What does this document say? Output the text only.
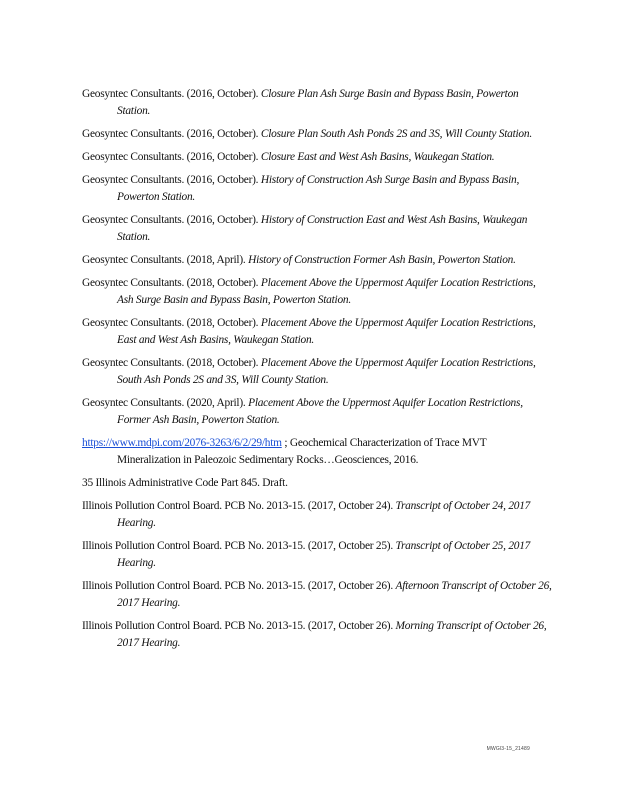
Geosyntec Consultants. (2016, October). Closure Plan Ash Surge Basin and Bypass Basin, Powerton Station.

Geosyntec Consultants. (2016, October). Closure Plan South Ash Ponds 2S and 3S, Will County Station.

Geosyntec Consultants. (2016, October). Closure East and West Ash Basins, Waukegan Station.

Geosyntec Consultants. (2016, October). History of Construction Ash Surge Basin and Bypass Basin, Powerton Station.

Geosyntec Consultants. (2016, October). History of Construction East and West Ash Basins, Waukegan Station.

Geosyntec Consultants. (2018, April). History of Construction Former Ash Basin, Powerton Station.

Geosyntec Consultants. (2018, October). Placement Above the Uppermost Aquifer Location Restrictions, Ash Surge Basin and Bypass Basin, Powerton Station.

Geosyntec Consultants. (2018, October). Placement Above the Uppermost Aquifer Location Restrictions, East and West Ash Basins, Waukegan Station.

Geosyntec Consultants. (2018, October). Placement Above the Uppermost Aquifer Location Restrictions, South Ash Ponds 2S and 3S, Will County Station.

Geosyntec Consultants. (2020, April). Placement Above the Uppermost Aquifer Location Restrictions, Former Ash Basin, Powerton Station.

https://www.mdpi.com/2076-3263/6/2/29/htm ; Geochemical Characterization of Trace MVT Mineralization in Paleozoic Sedimentary Rocks…Geosciences, 2016.

35 Illinois Administrative Code Part 845. Draft.

Illinois Pollution Control Board. PCB No. 2013-15. (2017, October 24). Transcript of October 24, 2017 Hearing.

Illinois Pollution Control Board. PCB No. 2013-15. (2017, October 25). Transcript of October 25, 2017 Hearing.

Illinois Pollution Control Board. PCB No. 2013-15. (2017, October 26). Afternoon Transcript of October 26, 2017 Hearing.

Illinois Pollution Control Board. PCB No. 2013-15. (2017, October 26). Morning Transcript of October 26, 2017 Hearing.

MWGl3-15_21489
